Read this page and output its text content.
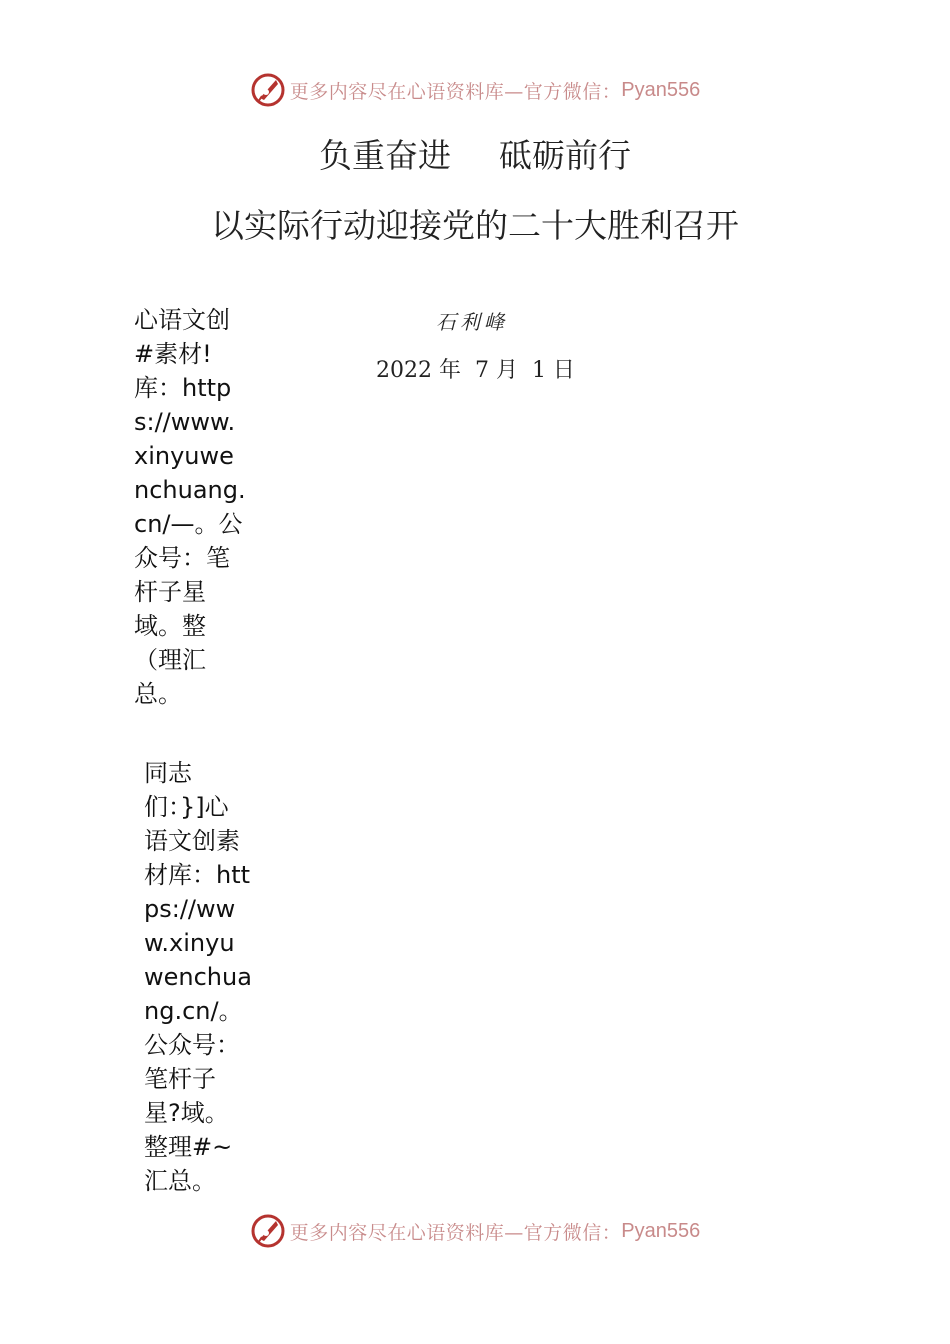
更多内容尽在心语资料库—官方微信： Pyan556
负重奋进 砥砺前行
以实际行动迎接党的二十大胜利召开
石利峰
2022 年  7 月  1 日
心语文创#素材!库：https://www.xinyuwenchuang.cn/—。公众号：笔杆子星域。整（理汇总。
同志们：}]心语文创素材库：https://www.xinyuwenchuang.cn/。公众号：笔杆子星?域。整理#~汇总。
更多内容尽在心语资料库—官方微信： Pyan556
